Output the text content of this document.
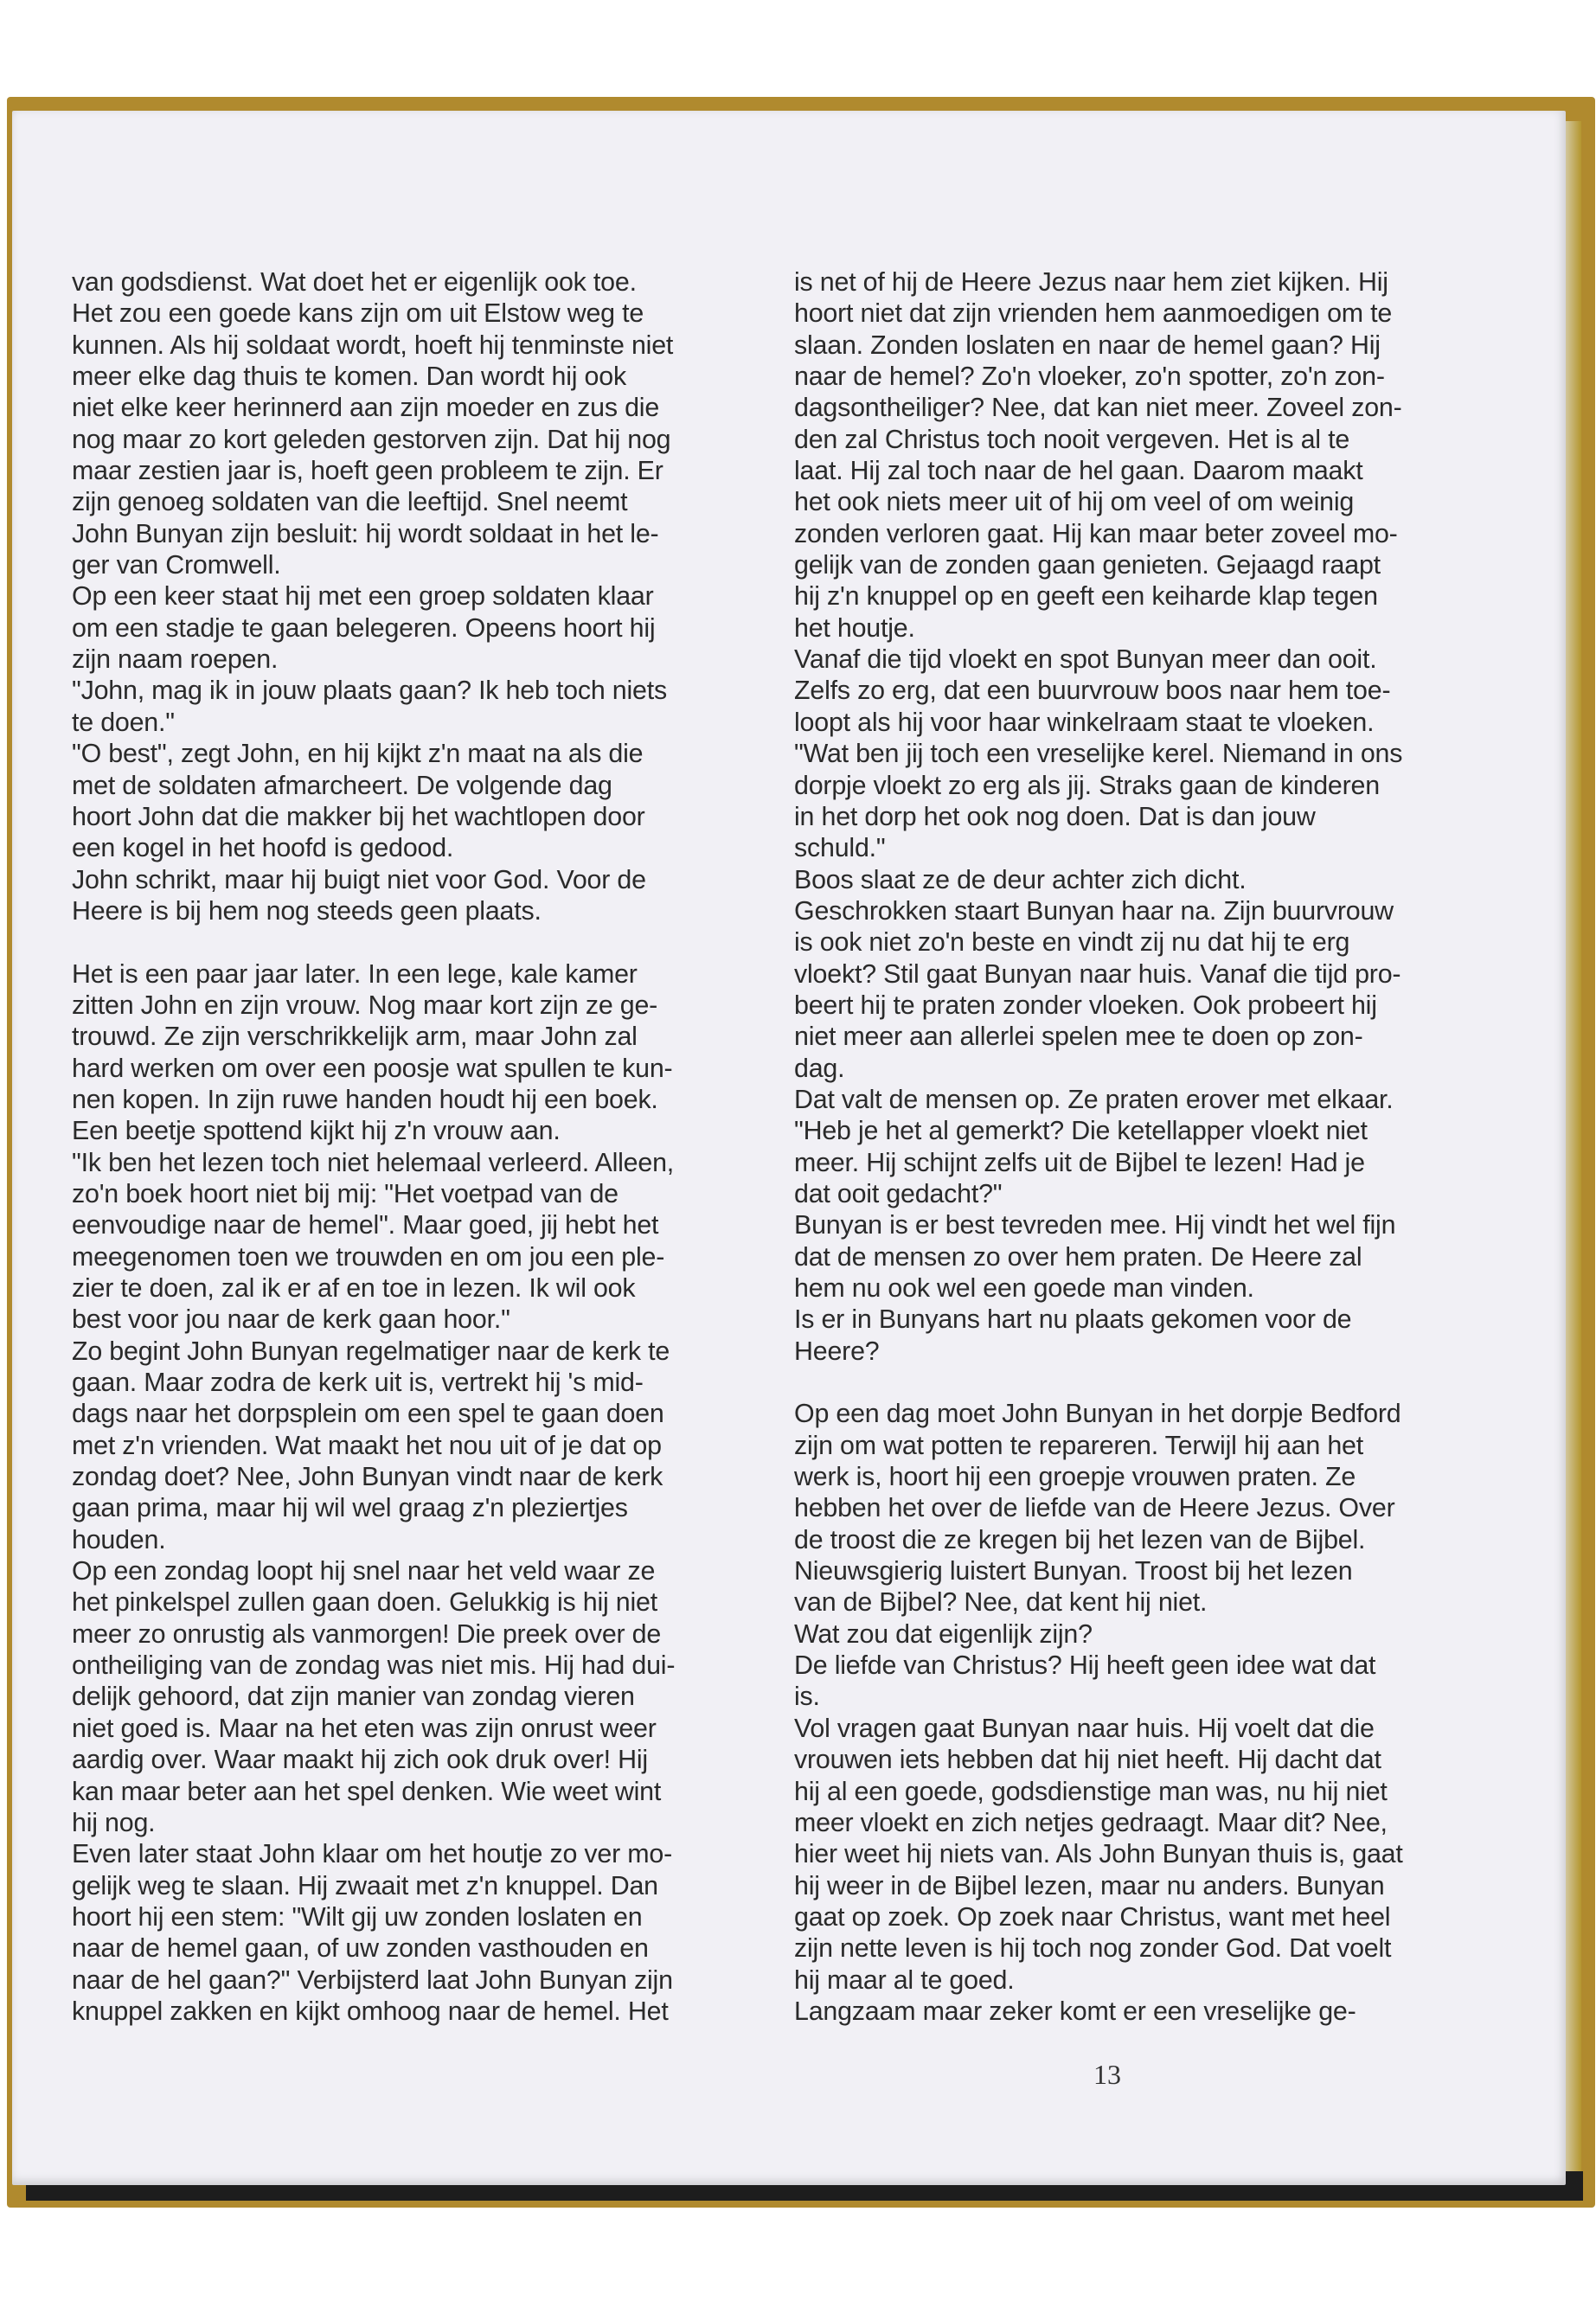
van godsdienst. Wat doet het er eigenlijk ook toe.
Het zou een goede kans zijn om uit Elstow weg te
kunnen. Als hij soldaat wordt, hoeft hij tenminste niet
meer elke dag thuis te komen. Dan wordt hij ook
niet elke keer herinnerd aan zijn moeder en zus die
nog maar zo kort geleden gestorven zijn. Dat hij nog
maar zestien jaar is, hoeft geen probleem te zijn. Er
zijn genoeg soldaten van die leeftijd. Snel neemt
John Bunyan zijn besluit: hij wordt soldaat in het le-
ger van Cromwell.
Op een keer staat hij met een groep soldaten klaar
om een stadje te gaan belegeren. Opeens hoort hij
zijn naam roepen.
"John, mag ik in jouw plaats gaan? Ik heb toch niets
te doen."
"O best", zegt John, en hij kijkt z'n maat na als die
met de soldaten afmarcheert. De volgende dag
hoort John dat die makker bij het wachtlopen door
een kogel in het hoofd is gedood.
John schrikt, maar hij buigt niet voor God. Voor de
Heere is bij hem nog steeds geen plaats.
Het is een paar jaar later. In een lege, kale kamer
zitten John en zijn vrouw. Nog maar kort zijn ze ge-
trouwd. Ze zijn verschrikkelijk arm, maar John zal
hard werken om over een poosje wat spullen te kun-
nen kopen. In zijn ruwe handen houdt hij een boek.
Een beetje spottend kijkt hij z'n vrouw aan.
"Ik ben het lezen toch niet helemaal verleerd. Alleen,
zo'n boek hoort niet bij mij: "Het voetpad van de
eenvoudige naar de hemel". Maar goed, jij hebt het
meegenomen toen we trouwden en om jou een ple-
zier te doen, zal ik er af en toe in lezen. Ik wil ook
best voor jou naar de kerk gaan hoor."
Zo begint John Bunyan regelmatiger naar de kerk te
gaan. Maar zodra de kerk uit is, vertrekt hij 's mid-
dags naar het dorpsplein om een spel te gaan doen
met z'n vrienden. Wat maakt het nou uit of je dat op
zondag doet? Nee, John Bunyan vindt naar de kerk
gaan prima, maar hij wil wel graag z'n pleziertjes
houden.
Op een zondag loopt hij snel naar het veld waar ze
het pinkelspel zullen gaan doen. Gelukkig is hij niet
meer zo onrustig als vanmorgen! Die preek over de
ontheiliging van de zondag was niet mis. Hij had dui-
delijk gehoord, dat zijn manier van zondag vieren
niet goed is. Maar na het eten was zijn onrust weer
aardig over. Waar maakt hij zich ook druk over! Hij
kan maar beter aan het spel denken. Wie weet wint
hij nog.
Even later staat John klaar om het houtje zo ver mo-
gelijk weg te slaan. Hij zwaait met z'n knuppel. Dan
hoort hij een stem: "Wilt gij uw zonden loslaten en
naar de hemel gaan, of uw zonden vasthouden en
naar de hel gaan?" Verbijsterd laat John Bunyan zijn
knuppel zakken en kijkt omhoog naar de hemel. Het
is net of hij de Heere Jezus naar hem ziet kijken. Hij
hoort niet dat zijn vrienden hem aanmoedigen om te
slaan. Zonden loslaten en naar de hemel gaan? Hij
naar de hemel? Zo'n vloeker, zo'n spotter, zo'n zon-
dagsontheiliger? Nee, dat kan niet meer. Zoveel zon-
den zal Christus toch nooit vergeven. Het is al te
laat. Hij zal toch naar de hel gaan. Daarom maakt
het ook niets meer uit of hij om veel of om weinig
zonden verloren gaat. Hij kan maar beter zoveel mo-
gelijk van de zonden gaan genieten. Gejaagd raapt
hij z'n knuppel op en geeft een keiharde klap tegen
het houtje.
Vanaf die tijd vloekt en spot Bunyan meer dan ooit.
Zelfs zo erg, dat een buurvrouw boos naar hem toe-
loopt als hij voor haar winkelraam staat te vloeken.
"Wat ben jij toch een vreselijke kerel. Niemand in ons
dorpje vloekt zo erg als jij. Straks gaan de kinderen
in het dorp het ook nog doen. Dat is dan jouw
schuld."
Boos slaat ze de deur achter zich dicht.
Geschrokken staart Bunyan haar na. Zijn buurvrouw
is ook niet zo'n beste en vindt zij nu dat hij te erg
vloekt? Stil gaat Bunyan naar huis. Vanaf die tijd pro-
beert hij te praten zonder vloeken. Ook probeert hij
niet meer aan allerlei spelen mee te doen op zon-
dag.
Dat valt de mensen op. Ze praten erover met elkaar.
"Heb je het al gemerkt? Die ketellapper vloekt niet
meer. Hij schijnt zelfs uit de Bijbel te lezen! Had je
dat ooit gedacht?"
Bunyan is er best tevreden mee. Hij vindt het wel fijn
dat de mensen zo over hem praten. De Heere zal
hem nu ook wel een goede man vinden.
Is er in Bunyans hart nu plaats gekomen voor de
Heere?
Op een dag moet John Bunyan in het dorpje Bedford
zijn om wat potten te repareren. Terwijl hij aan het
werk is, hoort hij een groepje vrouwen praten. Ze
hebben het over de liefde van de Heere Jezus. Over
de troost die ze kregen bij het lezen van de Bijbel.
Nieuwsgierig luistert Bunyan. Troost bij het lezen
van de Bijbel? Nee, dat kent hij niet.
Wat zou dat eigenlijk zijn?
De liefde van Christus? Hij heeft geen idee wat dat
is.
Vol vragen gaat Bunyan naar huis. Hij voelt dat die
vrouwen iets hebben dat hij niet heeft. Hij dacht dat
hij al een goede, godsdienstige man was, nu hij niet
meer vloekt en zich netjes gedraagt. Maar dit? Nee,
hier weet hij niets van. Als John Bunyan thuis is, gaat
hij weer in de Bijbel lezen, maar nu anders. Bunyan
gaat op zoek. Op zoek naar Christus, want met heel
zijn nette leven is hij toch nog zonder God. Dat voelt
hij maar al te goed.
Langzaam maar zeker komt er een vreselijke ge-
13
